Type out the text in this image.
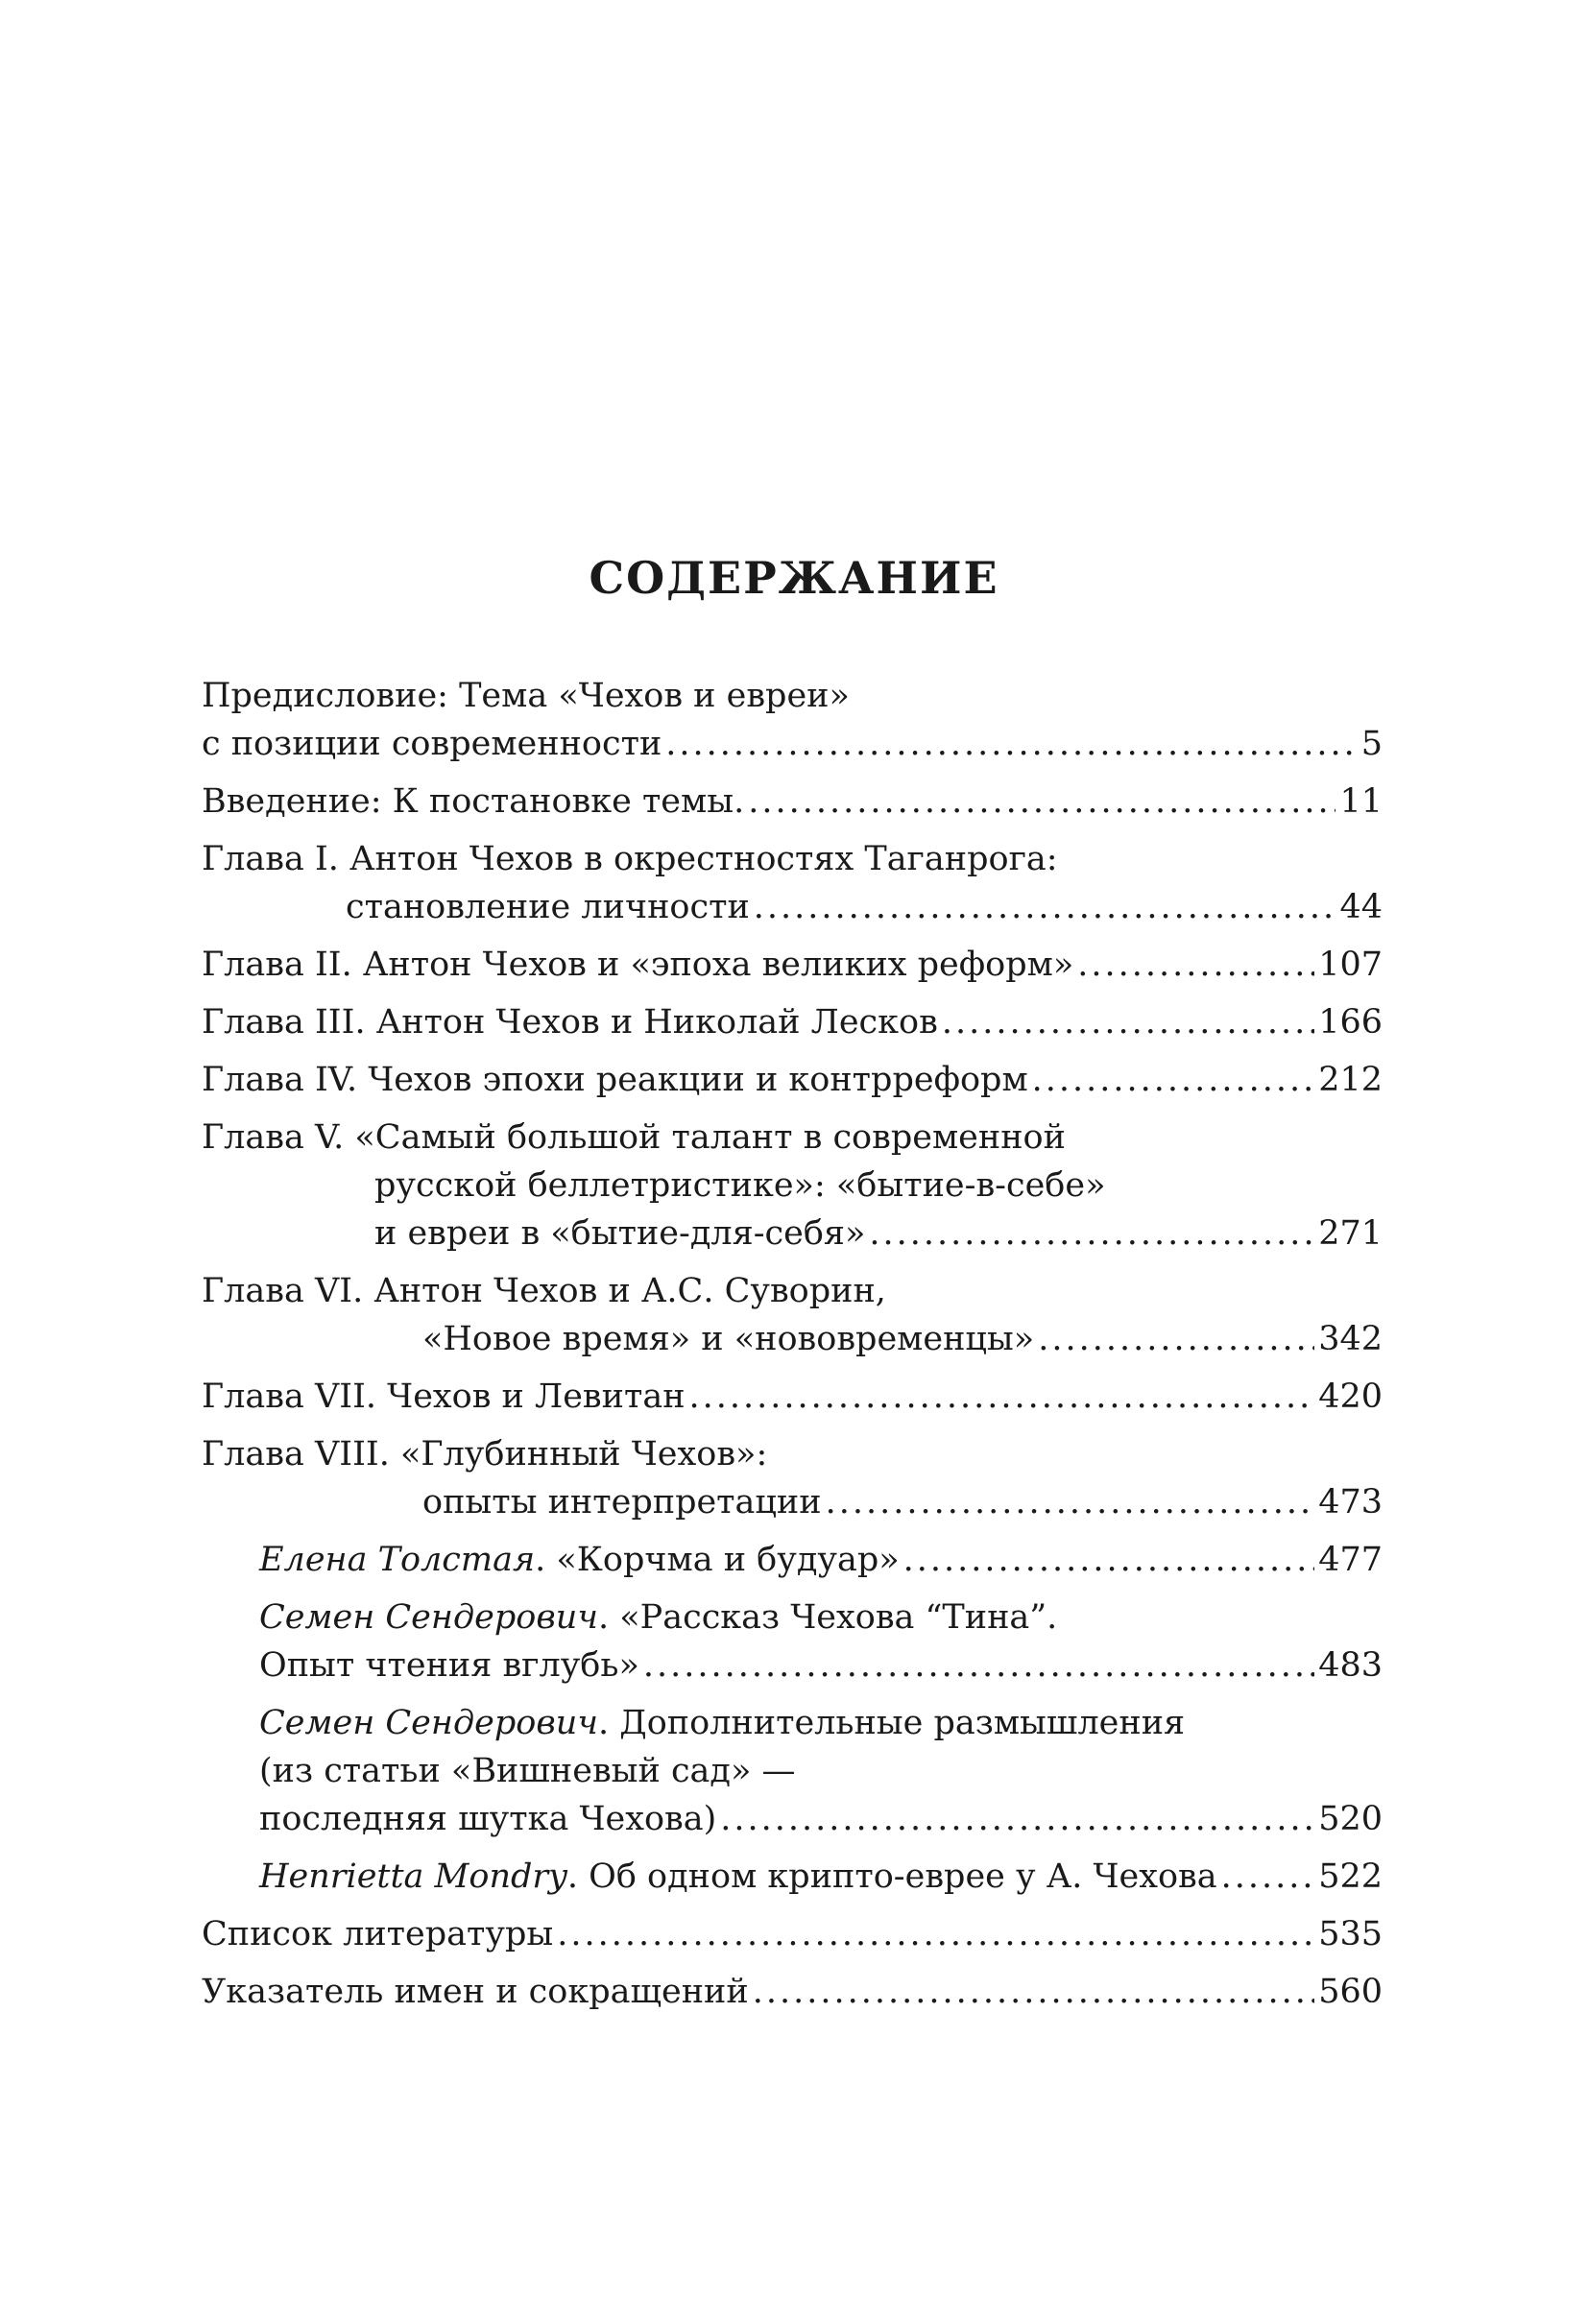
СОДЕРЖАНИЕ
Предисловие: Тема «Чехов и евреи»
с позиции современности .....	5
Введение: К постановке темы. .....	11
Глава I. Антон Чехов в окрестностях Таганрога:
становление личности .....	44
Глава II. Антон Чехов и «эпоха великих реформ» .....	107
Глава III. Антон Чехов и Николай Лесков .....	166
Глава IV. Чехов эпохи реакции и контрреформ .....	212
Глава V. «Самый большой талант в современной
русской беллетристике»: «бытие-в-себе»
и евреи в «бытие-для-себя» .....	271
Глава VI. Антон Чехов и А.С. Суворин,
«Новое время» и «нововременцы» .....	342
Глава VII. Чехов и Левитан .....	420
Глава VIII. «Глубинный Чехов»:
опыты интерпретации .....	473
Елена Толстая. «Корчма и будуар» .....	477
Семен Сендерович. «Рассказ Чехова “Тина”.
Опыт чтения вглубь» .....	483
Семен Сендерович. Дополнительные размышления
(из статьи «Вишневый сад» —
последняя шутка Чехова) .....	520
Henrietta Mondry. Об одном крипто-еврее у А. Чехова .....	522
Список литературы .....	535
Указатель имен и сокращений .....	560
